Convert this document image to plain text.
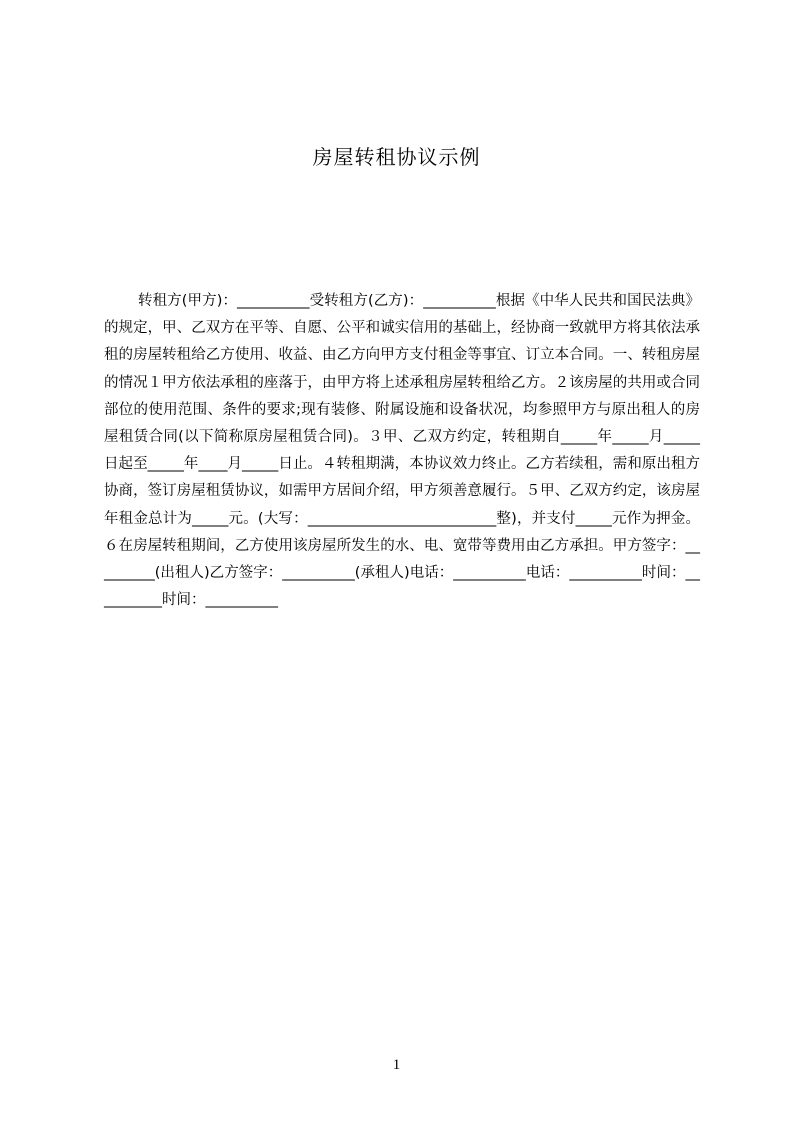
房屋转租协议示例

转租方(甲方)：__________受转租方(乙方)：__________根据《中华人民共和国民法典》的规定，甲、乙双方在平等、自愿、公平和诚实信用的基础上，经协商一致就甲方将其依法承租的房屋转租给乙方使用、收益、由乙方向甲方支付租金等事宜、订立本合同。一、转租房屋的情况１甲方依法承租的座落于，由甲方将上述承租房屋转租给乙方。２该房屋的共用或合同部位的使用范围、条件的要求;现有装修、附属设施和设备状况，均参照甲方与原出租人的房屋租赁合同(以下简称原房屋租赁合同)。３甲、乙双方约定，转租期自_____年_____月_____日起至_____年____月_____日止。４转租期满，本协议效力终止。乙方若续租，需和原出租方协商，签订房屋租赁协议，如需甲方居间介绍，甲方须善意履行。５甲、乙双方约定，该房屋年租金总计为_____元。(大写：__________________________整)，并支付_____元作为押金。６在房屋转租期间，乙方使用该房屋所发生的水、电、宽带等费用由乙方承担。甲方签字：_________(出租人)乙方签字：__________(承租人)电话：__________电话：__________时间：__________时间：__________

1
